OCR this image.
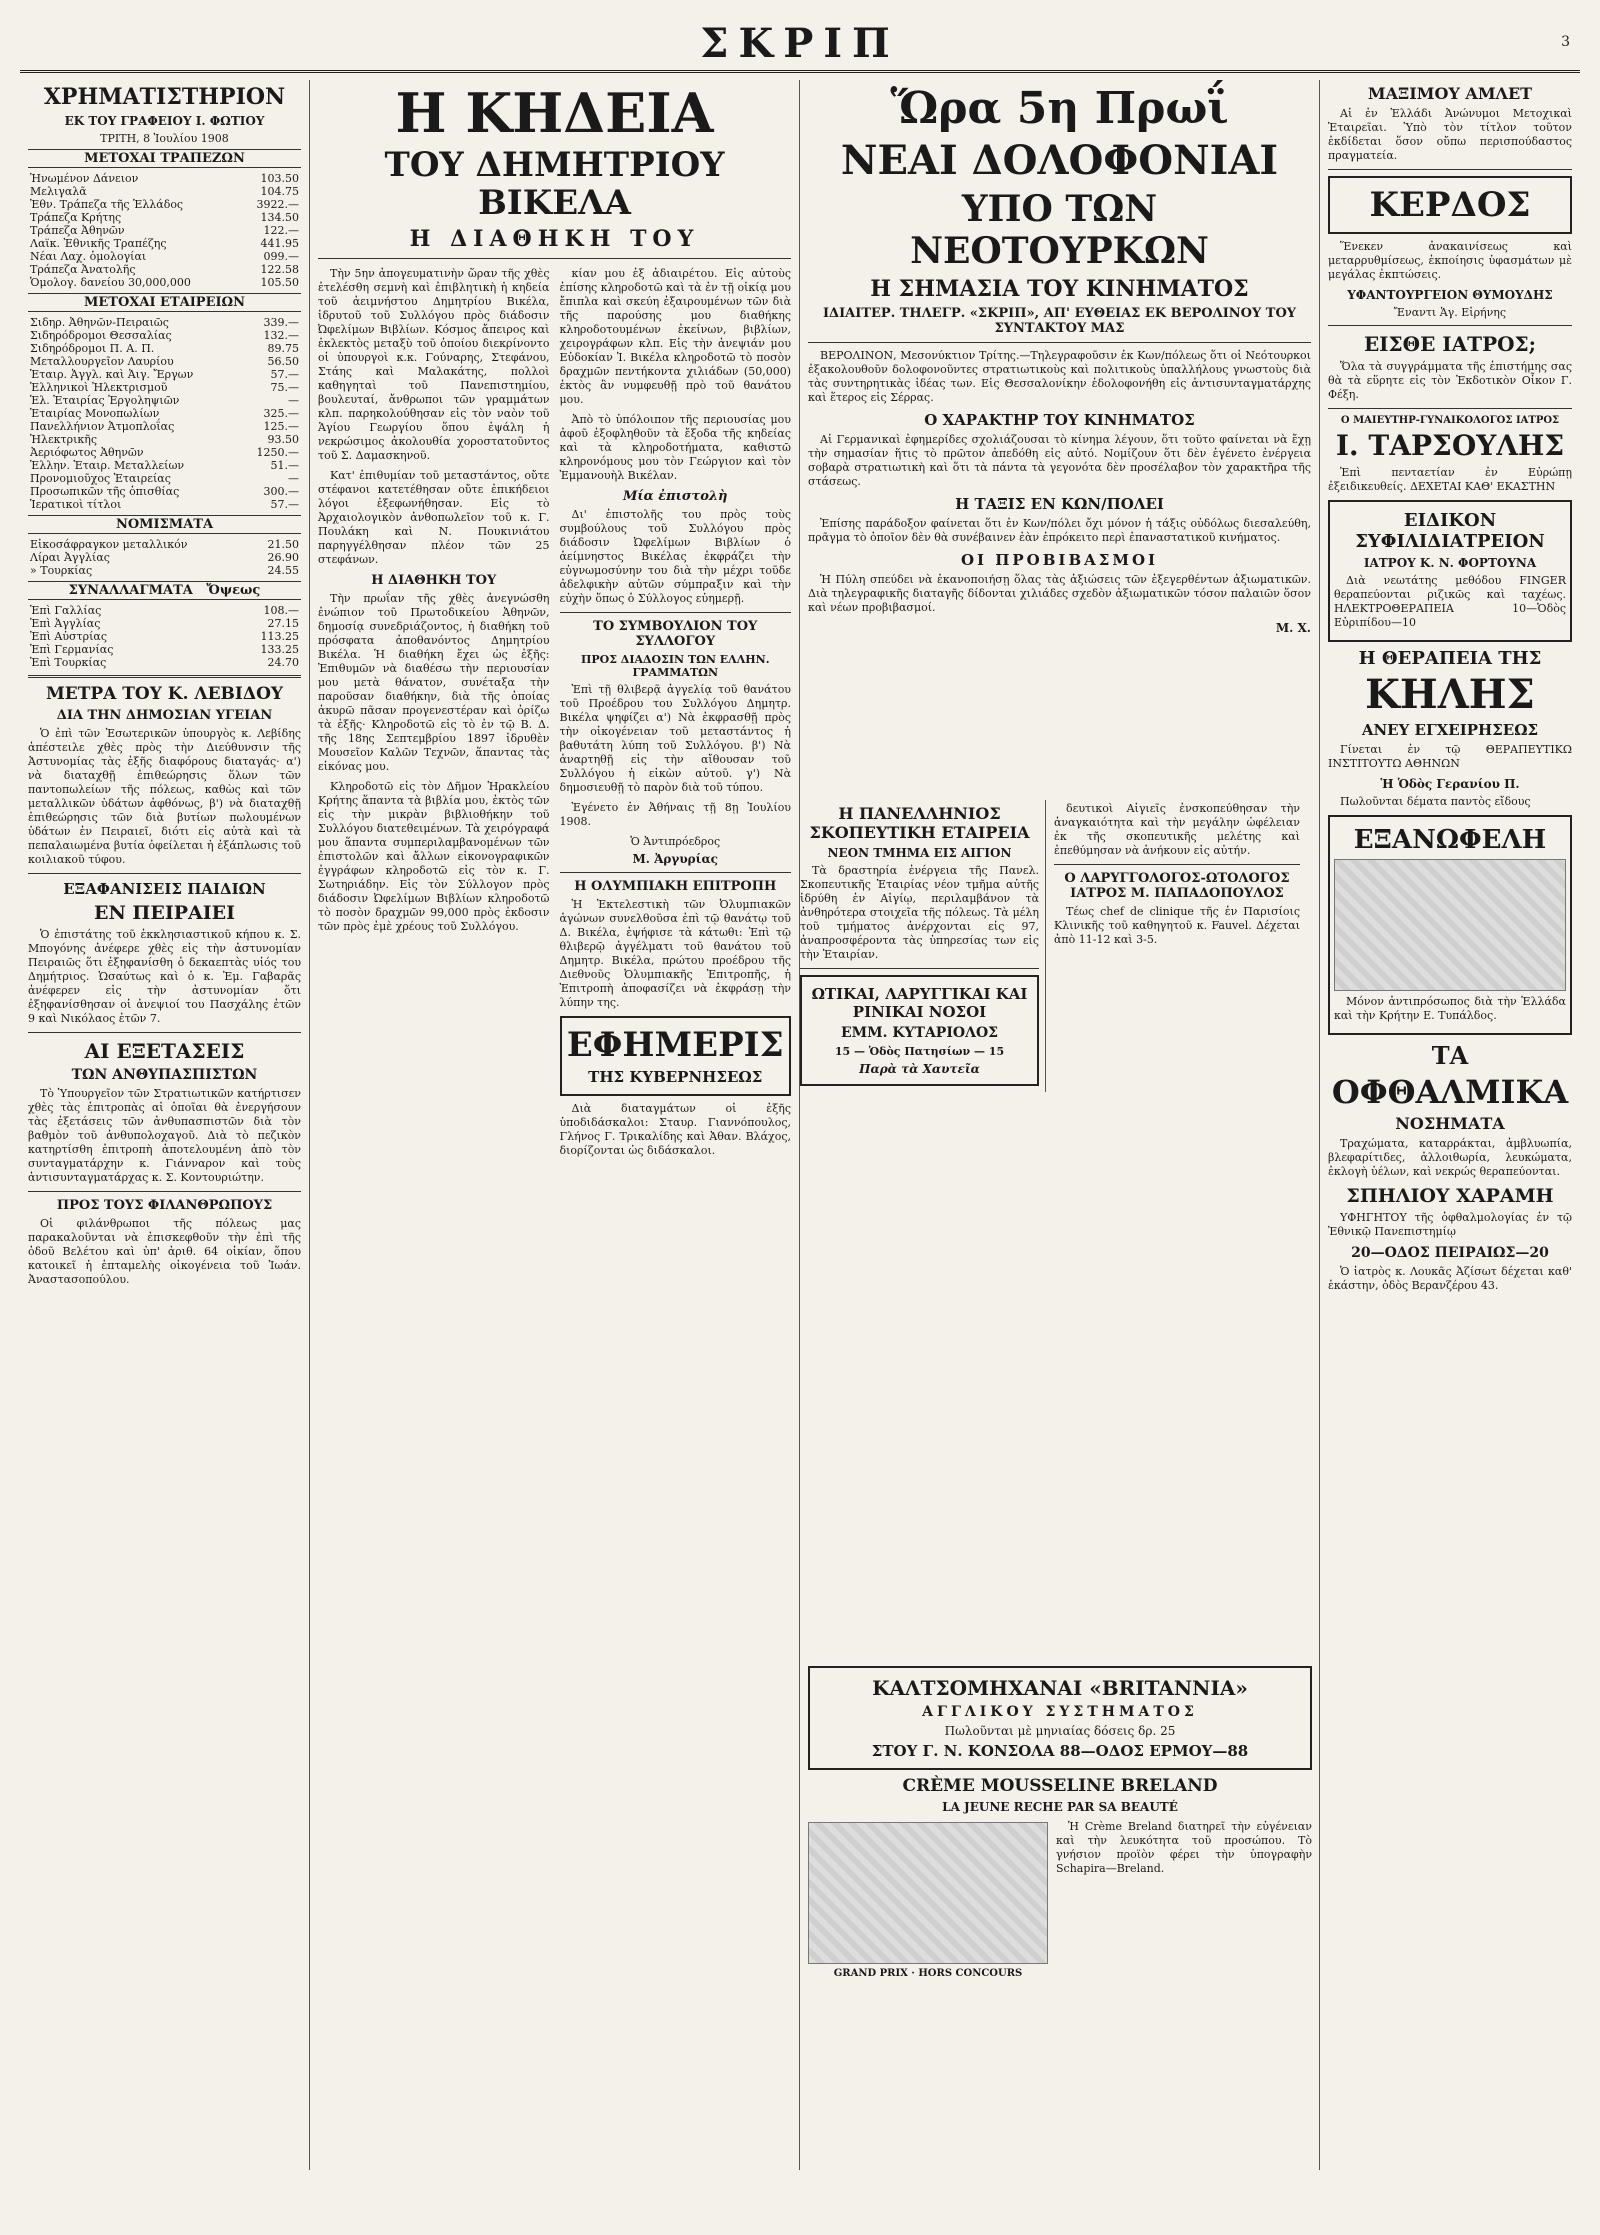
ΣΚΡΙΠ	3
ΧΡΗΜΑΤΙΣΤΗΡΙΟΝ
ΕΚ ΤΟΥ ΓΡΑΦΕΙΟΥ Ι. ΦΩΤΙΟΥ
ΤΡΙΤΗ, 8 Ἰουλίου 1908
ΜΕΤΟΧΑΙ ΤΡΑΠΕΖΩΝ
Ἠνωμένον Δάνειον	103.50
Μελιγαλᾶ	104.75
Ἐθν. Τράπεζα τῆς Ἑλλάδος	3922.—
Τράπεζα Κρήτης	134.50
Τράπεζα Ἀθηνῶν	122.—
Λαϊκ. Ἐθνικῆς Τραπέζης	441.95
Νέαι Λαχ. ὁμολογίαι	099.—
Τράπεζα Ἀνατολῆς	122.58
Ὁμολογ. δανείου 30,000,000	105.50
ΜΕΤΟΧΑΙ ΕΤΑΙΡΕΙΩΝ
Σιδηρ. Ἀθηνῶν-Πειραιῶς	339.—
Σιδηρόδρομοι Θεσσαλίας	132.—
Σιδηρόδρομοι Π. Α. Π.	89.75
Μεταλλουργεῖον Λαυρίου	56.50
Ἑταιρ. Ἀγγλ. καὶ Ἀιγ. Ἔργων	57.—
Ἑλληνικοὶ Ἠλεκτρισμοῦ	75.—
Ἑλ. Ἑταιρίας Ἐργοληψιῶν	—
Ἑταιρίας Μονοπωλίων	325.—
Πανελλήνιον Ἀτμοπλοΐας	125.—
Ἠλεκτρικῆς	93.50
Ἀεριόφωτος Ἀθηνῶν	1250.—
Ἑλλην. Ἑταιρ. Μεταλλείων	51.—
Προνομιοῦχος Ἑταιρείας	—
Προσωπικῶν τῆς ὁπισθίας	300.—
Ἱερατικοὶ τίτλοι	57.—
ΝΟΜΙΣΜΑΤΑ
Εἰκοσάφραγκον μεταλλικόν	21.50
Λίραι Ἀγγλίας	26.90
» Τουρκίας	24.55
ΣΥΝΑΛΛΑΓΜΑΤΑ Ὄψεως
Ἐπὶ Γαλλίας	108.—
Ἐπὶ Ἀγγλίας	27.15
Ἐπὶ Αὐστρίας	113.25
Ἐπὶ Γερμανίας	133.25
Ἐπὶ Τουρκίας	24.70
ΜΕΤΡΑ ΤΟΥ Κ. ΛΕΒΙΔΟΥ
ΔΙΑ ΤΗΝ ΔΗΜΟΣΙΑΝ ΥΓΕΙΑΝ

Ὁ ἐπὶ τῶν Ἐσωτερικῶν ὑπουργὸς κ. Λεβίδης ἀπέστειλε χθὲς πρὸς τὴν Διεύθυνσιν τῆς Ἀστυνομίας τὰς ἑξῆς διαφόρους διαταγάς· α') νὰ διαταχθῇ ἐπιθεώρησις ὅλων τῶν παντοπωλείων τῆς πόλεως, καθὼς καὶ τῶν μεταλλικῶν ὑδάτων ἀφθόνως, β') νὰ διαταχθῇ ἐπιθεώρησις τῶν διὰ βυτίων πωλουμένων ὑδάτων ἐν Πειραιεῖ, διότι εἰς αὐτὰ καὶ τὰ πεπαλαιωμένα βυτία ὀφείλεται ἡ ἐξάπλωσις τοῦ κοιλιακοῦ τύφου.

ΕΞΑΦΑΝΙΣΕΙΣ ΠΑΙΔΙΩΝ
ΕΝ ΠΕΙΡΑΙΕΙ

Ὁ ἐπιστάτης τοῦ ἐκκλησιαστικοῦ κήπου κ. Σ. Μπογόνης ἀνέφερε χθὲς εἰς τὴν ἀστυνομίαν Πειραιῶς ὅτι ἐξηφανίσθη ὁ δεκαεπτὰς υἱός του Δημήτριος. Ὡσαύτως καὶ ὁ κ. Ἐμ. Γαβαρᾶς ἀνέφερεν εἰς τὴν ἀστυνομίαν ὅτι ἐξηφανίσθησαν οἱ ἀνεψιοί του Πασχάλης ἐτῶν 9 καὶ Νικόλαος ἐτῶν 7.

ΑΙ ΕΞΕΤΑΣΕΙΣ
ΤΩΝ ΑΝΘΥΠΑΣΠΙΣΤΩΝ

Τὸ Ὑπουργεῖον τῶν Στρατιωτικῶν κατήρτισεν χθὲς τὰς ἐπιτροπὰς αἱ ὁποῖαι θὰ ἐνεργήσουν τὰς ἐξετάσεις τῶν ἀνθυπασπιστῶν διὰ τὸν βαθμὸν τοῦ ἀνθυπολοχαγοῦ. Διὰ τὸ πεζικὸν κατηρτίσθη ἐπιτροπὴ ἀποτελουμένη ἀπὸ τὸν συνταγματάρχην κ. Γιάνναρον καὶ τοὺς ἀντισυνταγματάρχας κ. Σ. Κοντουριώτην.

ΠΡΟΣ ΤΟΥΣ ΦΙΛΑΝΘΡΩΠΟΥΣ

Οἱ φιλάνθρωποι τῆς πόλεως μας παρακαλοῦνται νὰ ἐπισκεφθοῦν τὴν ἐπὶ τῆς ὁδοῦ Βελέτου καὶ ὑπ' ἀριθ. 64 οἰκίαν, ὅπου κατοικεῖ ἡ ἑπταμελὴς οἰκογένεια τοῦ Ἰωάν. Ἀναστασοπούλου.

Η ΚΗΔΕΙΑ
ΤΟΥ ΔΗΜΗΤΡΙΟΥ ΒΙΚΕΛΑ
Η ΔΙΑΘΗΚΗ ΤΟΥ

Τὴν 5ην ἀπογευματινὴν ὥραν τῆς χθὲς ἐτελέσθη σεμνὴ καὶ ἐπιβλητικὴ ἡ κηδεία τοῦ ἀειμνήστου Δημητρίου Βικέλα, ἱδρυτοῦ τοῦ Συλλόγου πρὸς διάδοσιν Ὠφελίμων Βιβλίων. Κόσμος ἄπειρος καὶ ἐκλεκτὸς μεταξὺ τοῦ ὁποίου διεκρίνοντο οἱ ὑπουργοὶ κ.κ. Γούναρης, Στεφάνου, Στάης καὶ Μαλακάτης, πολλοὶ καθηγηταὶ τοῦ Πανεπιστημίου, βουλευταί, ἄνθρωποι τῶν γραμμάτων κλπ. παρηκολούθησαν εἰς τὸν ναὸν τοῦ Ἁγίου Γεωργίου ὅπου ἐψάλη ἡ νεκρώσιμος ἀκολουθία χοροστατοῦντος τοῦ Σ. Δαμασκηνοῦ.

Κατ' ἐπιθυμίαν τοῦ μεταστάντος, οὔτε στέφανοι κατετέθησαν οὔτε ἐπικήδειοι λόγοι ἐξεφωνήθησαν. Εἰς τὸ Ἀρχαιολογικὸν ἀνθοπωλεῖον τοῦ κ. Γ. Πουλάκη καὶ Ν. Πουκινιάτου παρηγγέλθησαν πλέον τῶν 25 στεφάνων.

Η ΔΙΑΘΗΚΗ ΤΟΥ

Τὴν πρωΐαν τῆς χθὲς ἀνεγνώσθη ἐνώπιον τοῦ Πρωτοδικείου Ἀθηνῶν, δημοσίᾳ συνεδριάζοντος, ἡ διαθήκη τοῦ πρόσφατα ἀποθανόντος Δημητρίου Βικέλα. Ἡ διαθήκη ἔχει ὡς ἑξῆς: Ἐπιθυμῶν νὰ διαθέσω τὴν περιουσίαν μου μετὰ θάνατον, συνέταξα τὴν παροῦσαν διαθήκην, διὰ τῆς ὁποίας ἀκυρῶ πᾶσαν προγενεστέραν καὶ ὁρίζω τὰ ἑξῆς· Κληροδοτῶ εἰς τὸ ἐν τῷ Β. Δ. τῆς 18ης Σεπτεμβρίου 1897 ἱδρυθὲν Μουσεῖον Καλῶν Τεχνῶν, ἅπαντας τὰς εἰκόνας μου.

Κληροδοτῶ εἰς τὸν Δῆμον Ἡρακλείου Κρήτης ἅπαντα τὰ βιβλία μου, ἐκτὸς τῶν εἰς τὴν μικρὰν βιβλιοθήκην τοῦ Συλλόγου διατεθειμένων. Τὰ χειρόγραφά μου ἅπαντα συμπεριλαμβανομένων τῶν ἐπιστολῶν καὶ ἄλλων εἰκονογραφικῶν ἐγγράφων κληροδοτῶ εἰς τὸν κ. Γ. Σωτηριάδην. Εἰς τὸν Σύλλογον πρὸς διάδοσιν Ὠφελίμων Βιβλίων κληροδοτῶ τὸ ποσὸν δραχμῶν 99,000 πρὸς ἐκδοσιν τῶν πρὸς ἐμὲ χρέους τοῦ Συλλόγου.

κίαν μου ἐξ ἀδιαιρέτου. Εἰς αὐτοὺς ἐπίσης κληροδοτῶ καὶ τὰ ἐν τῇ οἰκίᾳ μου ἔπιπλα καὶ σκεύη ἐξαιρουμένων τῶν διὰ τῆς παρούσης μου διαθήκης κληροδοτουμένων ἐκείνων, βιβλίων, χειρογράφων κλπ. Εἰς τὴν ἀνεψιάν μου Εὐδοκίαν Ἰ. Βικέλα κληροδοτῶ τὸ ποσὸν δραχμῶν πεντήκοντα χιλιάδων (50,000) ἐκτὸς ἂν νυμφευθῇ πρὸ τοῦ θανάτου μου.

Ἀπὸ τὸ ὑπόλοιπον τῆς περιουσίας μου ἀφοῦ ἐξοφληθοῦν τὰ ἔξοδα τῆς κηδείας καὶ τὰ κληροδοτήματα, καθιστῶ κληρονόμους μου τὸν Γεώργιον καὶ τὸν Ἐμμανουὴλ Βικέλαν.

Μία ἐπιστολὴ

Δι' ἐπιστολῆς του πρὸς τοὺς συμβούλους τοῦ Συλλόγου πρὸς διάδοσιν Ὠφελίμων Βιβλίων ὁ ἀείμνηστος Βικέλας ἐκφράζει τὴν εὐγνωμοσύνην του διὰ τὴν μέχρι τοῦδε ἀδελφικὴν αὐτῶν σύμπραξιν καὶ τὴν εὐχὴν ὅπως ὁ Σύλλογος εὐημερῇ.

ΤΟ ΣΥΜΒΟΥΛΙΟΝ ΤΟΥ ΣΥΛΛΟΓΟΥ
ΠΡΟΣ ΔΙΑΔΟΣΙΝ ΤΩΝ ΕΛΛΗΝ. ΓΡΑΜΜΑΤΩΝ

Ἐπὶ τῇ θλιβερᾷ ἀγγελίᾳ τοῦ θανάτου τοῦ Προέδρου του Συλλόγου Δημητρ. Βικέλα ψηφίζει α') Νὰ ἐκφρασθῇ πρὸς τὴν οἰκογένειαν τοῦ μεταστάντος ἡ βαθυτάτη λύπη τοῦ Συλλόγου. β') Νὰ ἀναρτηθῇ εἰς τὴν αἴθουσαν τοῦ Συλλόγου ἡ εἰκὼν αὐτοῦ. γ') Νὰ δημοσιευθῇ τὸ παρὸν διὰ τοῦ τύπου.

Ἐγένετο ἐν Ἀθήναις τῇ 8ῃ Ἰουλίου 1908.

Ὁ Ἀντιπρόεδρος
Μ. Ἀργυρίας
Η ΟΛΥΜΠΙΑΚΗ ΕΠΙΤΡΟΠΗ

Ἡ Ἐκτελεστικὴ τῶν Ὀλυμπιακῶν ἀγώνων συνελθοῦσα ἐπὶ τῷ θανάτῳ τοῦ Δ. Βικέλα, ἐψήφισε τὰ κάτωθι: Ἐπὶ τῷ θλιβερῷ ἀγγέλματι τοῦ θανάτου τοῦ Δημητρ. Βικέλα, πρώτου προέδρου τῆς Διεθνοῦς Ὀλυμπιακῆς Ἐπιτροπῆς, ἡ Ἐπιτροπὴ ἀποφασίζει νὰ ἐκφράσῃ τὴν λύπην της.

ΕΦΗΜΕΡΙΣ
ΤΗΣ ΚΥΒΕΡΝΗΣΕΩΣ

Διὰ διαταγμάτων οἱ ἐξῆς ὑποδιδάσκαλοι: Σταυρ. Γιαννόπουλος, Γλήνος Γ. Τρικαλίδης καὶ Ἀθαν. Βλάχος, διορίζονται ὡς διδάσκαλοι.

Ὥρα 5η Πρωΐ
ΝΕΑΙ ΔΟΛΟΦΟΝΙΑΙ
ΥΠΟ ΤΩΝ ΝΕΟΤΟΥΡΚΩΝ
Η ΣΗΜΑΣΙΑ ΤΟΥ ΚΙΝΗΜΑΤΟΣ
ΙΔΙΑΙΤΕΡ. ΤΗΛΕΓΡ. «ΣΚΡΙΠ», ΑΠ' ΕΥΘΕΙΑΣ ΕΚ ΒΕΡΟΛΙΝΟΥ ΤΟΥ ΣΥΝΤΑΚΤΟΥ ΜΑΣ

ΒΕΡΟΛΙΝΟΝ, Μεσονύκτιον Τρίτης.—Τηλεγραφοῦσιν ἐκ Κων/πόλεως ὅτι οἱ Νεότουρκοι ἐξακολουθοῦν δολοφονοῦντες στρατιωτικοὺς καὶ πολιτικοὺς ὑπαλλήλους γνωστοὺς διὰ τὰς συντηρητικὰς ἰδέας των. Εἰς Θεσσαλονίκην ἐδολοφονήθη εἰς ἀντισυνταγματάρχης καὶ ἕτερος εἰς Σέρρας.

Ο ΧΑΡΑΚΤΗΡ ΤΟΥ ΚΙΝΗΜΑΤΟΣ

Αἱ Γερμανικαὶ ἐφημερίδες σχολιάζουσαι τὸ κίνημα λέγουν, ὅτι τοῦτο φαίνεται νὰ ἔχῃ τὴν σημασίαν ἥτις τὸ πρῶτον ἀπεδόθη εἰς αὐτό. Νομίζουν ὅτι δὲν ἐγένετο ἐνέργεια σοβαρὰ στρατιωτικὴ καὶ ὅτι τὰ πάντα τὰ γεγονότα δὲν προσέλαβον τὸν χαρακτῆρα τῆς στάσεως.

Η ΤΑΞΙΣ ΕΝ ΚΩΝ/ΠΟΛΕΙ

Ἐπίσης παράδοξον φαίνεται ὅτι ἐν Κων/πόλει ὄχι μόνον ἡ τάξις οὐδόλως διεσαλεύθη, πρᾶγμα τὸ ὁποῖον δὲν θὰ συνέβαινεν ἐὰν ἐπρόκειτο περὶ ἐπαναστατικοῦ κινήματος.

ΟΙ ΠΡΟΒΙΒΑΣΜΟΙ

Ἡ Πύλη σπεύδει νὰ ἐκανοποιήσῃ ὅλας τὰς ἀξιώσεις τῶν ἐξεγερθέντων ἀξιωματικῶν. Διὰ τηλεγραφικῆς διαταγῆς δίδονται χιλιάδες σχεδὸν ἀξιωματικῶν τόσον παλαιῶν ὅσον καὶ νέων προβιβασμοί.

Μ. Χ.
Η ΠΑΝΕΛΛΗΝΙΟΣ ΣΚΟΠΕΥΤΙΚΗ ΕΤΑΙΡΕΙΑ
ΝΕΟΝ ΤΜΗΜΑ ΕΙΣ ΑΙΓΙΟΝ

Τὰ δραστηρία ἐνέργεια τῆς Πανελ. Σκοπευτικῆς Ἑταιρίας νέον τμῆμα αὐτῆς ἱδρύθη ἐν Αἰγίῳ, περιλαμβάνον τὰ ἀνθηρότερα στοιχεῖα τῆς πόλεως. Τὰ μέλη τοῦ τμήματος ἀνέρχονται εἰς 97, ἀναπροσφέροντα τὰς ὑπηρεσίας των εἰς τὴν Ἑταιρίαν.

ΩΤΙΚΑΙ, ΛΑΡΥΓΓΙΚΑΙ ΚΑΙ ΡΙΝΙΚΑΙ ΝΟΣΟΙ
ΕΜΜ. ΚΥΤΑΡΙΟΛΟΣ
15 — Ὁδὸς Πατησίων — 15
Παρὰ τὰ Χαυτεῖα

δευτικοὶ Αἰγιεῖς ἐνσκοπεύθησαν τὴν ἀναγκαιότητα καὶ τὴν μεγάλην ὠφέλειαν ἐκ τῆς σκοπευτικῆς μελέτης καὶ ἐπεθύμησαν νὰ ἀνήκουν εἰς αὐτήν.

Ο ΛΑΡΥΓΓΟΛΟΓΟΣ-ΩΤΟΛΟΓΟΣ ΙΑΤΡΟΣ Μ. ΠΑΠΑΔΟΠΟΥΛΟΣ

Τέως chef de clinique τῆς ἐν Παρισίοις Κλινικῆς τοῦ καθηγητοῦ κ. Fauvel. Δέχεται ἀπὸ 11-12 καὶ 3-5.

ΚΑΛΤΣΟΜΗΧΑΝΑΙ «BRITANNIA»
ΑΓΓΛΙΚΟΥ ΣΥΣΤΗΜΑΤΟΣ
Πωλοῦνται μὲ μηνιαίας δόσεις δρ. 25
ΣΤΟΥ Γ. Ν. ΚΟΝΣΟΛΑ 88—ΟΔΟΣ ΕΡΜΟΥ—88
CRÈME MOUSSELINE BRELAND
LA JEUNE RECHE PAR SA BEAUTÉ
GRAND PRIX · HORS CONCOURS

Ἡ Crème Breland διατηρεῖ τὴν εὐγένειαν καὶ τὴν λευκότητα τοῦ προσώπου. Τὸ γνήσιον προϊὸν φέρει τὴν ὑπογραφὴν Schapira—Breland.

ΜΑΞΙΜΟΥ ΑΜΛΕΤ

Αἱ ἐν Ἑλλάδι Ἀνώνυμοι Μετοχικαὶ Ἑταιρεῖαι. Ὑπὸ τὸν τίτλον τοῦτον ἐκδίδεται ὅσον οὔπω περισπούδαστος πραγματεία.

ΚΕΡΔΟΣ

Ἕνεκεν ἀνακαινίσεως καὶ μεταρρυθμίσεως, ἐκποίησις ὑφασμάτων μὲ μεγάλας ἐκπτώσεις.

ΥΦΑΝΤΟΥΡΓΕΙΟΝ ΘΥΜΟΥΔΗΣ
Ἔναντι Ἁγ. Εἰρήνης
ΕΙΣΘΕ ΙΑΤΡΟΣ;

Ὅλα τὰ συγγράμματα τῆς ἐπιστήμης σας θὰ τὰ εὕρητε εἰς τὸν Ἐκδοτικὸν Οἶκον Γ. Φέξη.

Ο ΜΑΙΕΥΤΗΡ-ΓΥΝΑΙΚΟΛΟΓΟΣ ΙΑΤΡΟΣ
Ι. ΤΑΡΣΟΥΛΗΣ

Ἐπὶ πενταετίαν ἐν Εὐρώπῃ ἐξειδικευθείς. ΔΕΧΕΤΑΙ ΚΑΘ' ΕΚΑΣΤΗΝ

ΕΙΔΙΚΟΝ ΣΥΦΙΛΙΔΙΑΤΡΕΙΟΝ
ΙΑΤΡΟΥ Κ. Ν. ΦΟΡΤΟΥΝΑ

Διὰ νεωτάτης μεθόδου FINGER θεραπεύονται ριζικῶς καὶ ταχέως. ΗΛΕΚΤΡΟΘΕΡΑΠΕΙΑ 10—Ὁδὸς Εὐριπίδου—10

Η ΘΕΡΑΠΕΙΑ ΤΗΣ
ΚΗΛΗΣ
ΑΝΕΥ ΕΓΧΕΙΡΗΣΕΩΣ

Γίνεται ἐν τῷ ΘΕΡΑΠΕΥΤΙΚΩ ΙΝΣΤΙΤΟΥΤΩ ΑΘΗΝΩΝ

Ἡ Ὁδὸς Γερανίου Π.

Πωλοῦνται δέματα παντὸς εἴδους

ΕΞΑΝΩΦΕΛΗ

Μόνον ἀντιπρόσωπος διὰ τὴν Ἑλλάδα καὶ τὴν Κρήτην Ε. Τυπάλδος.

ΤΑ
ΟΦΘΑΛΜΙΚΑ
ΝΟΣΗΜΑΤΑ

Τραχώματα, καταρράκται, ἀμβλυωπία, βλεφαρίτιδες, ἀλλοιθωρία, λευκώματα, ἐκλογὴ ὑέλων, καὶ νεκρώς θεραπεύονται.

ΣΠΗΛΙΟΥ ΧΑΡΑΜΗ

ΥΦΗΓΗΤΟΥ τῆς ὀφθαλμολογίας ἐν τῷ Ἐθνικῷ Πανεπιστημίῳ

20—ΟΔΟΣ ΠΕΙΡΑΙΩΣ—20

Ὁ ἰατρὸς κ. Λουκᾶς Ἀζίσωτ δέχεται καθ' ἑκάστην, ὁδὸς Βερανζέρου 43.
